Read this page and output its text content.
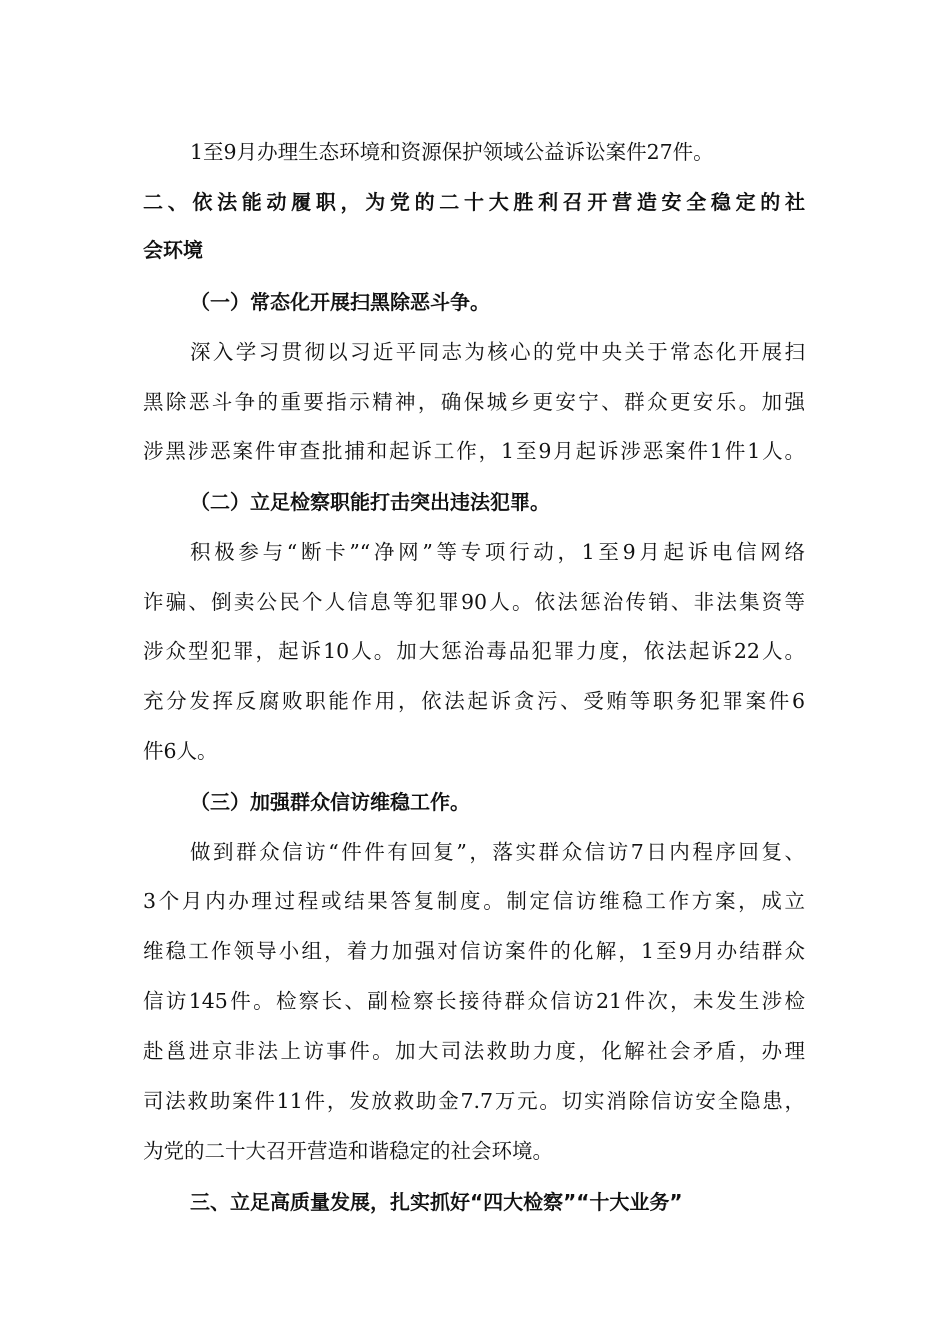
1至9月办理生态环境和资源保护领域公益诉讼案件27件。
二、依法能动履职，为党的二十大胜利召开营造安全稳定的社
会环境
（一）常态化开展扫黑除恶斗争。
深入学习贯彻以习近平同志为核心的党中央关于常态化开展扫
黑除恶斗争的重要指示精神，确保城乡更安宁、群众更安乐。加强
涉黑涉恶案件审查批捕和起诉工作，1至9月起诉涉恶案件1件1人。
（二）立足检察职能打击突出违法犯罪。
积极参与“断卡”“净网”等专项行动，1至9月起诉电信网络
诈骗、倒卖公民个人信息等犯罪90人。依法惩治传销、非法集资等
涉众型犯罪，起诉10人。加大惩治毒品犯罪力度，依法起诉22人。
充分发挥反腐败职能作用，依法起诉贪污、受贿等职务犯罪案件6
件6人。
（三）加强群众信访维稳工作。
做到群众信访“件件有回复”，落实群众信访7日内程序回复、
3个月内办理过程或结果答复制度。制定信访维稳工作方案，成立
维稳工作领导小组，着力加强对信访案件的化解，1至9月办结群众
信访145件。检察长、副检察长接待群众信访21件次，未发生涉检
赴邕进京非法上访事件。加大司法救助力度，化解社会矛盾，办理
司法救助案件11件，发放救助金7.7万元。切实消除信访安全隐患，
为党的二十大召开营造和谐稳定的社会环境。
三、立足高质量发展，扎实抓好“四大检察”“十大业务”
